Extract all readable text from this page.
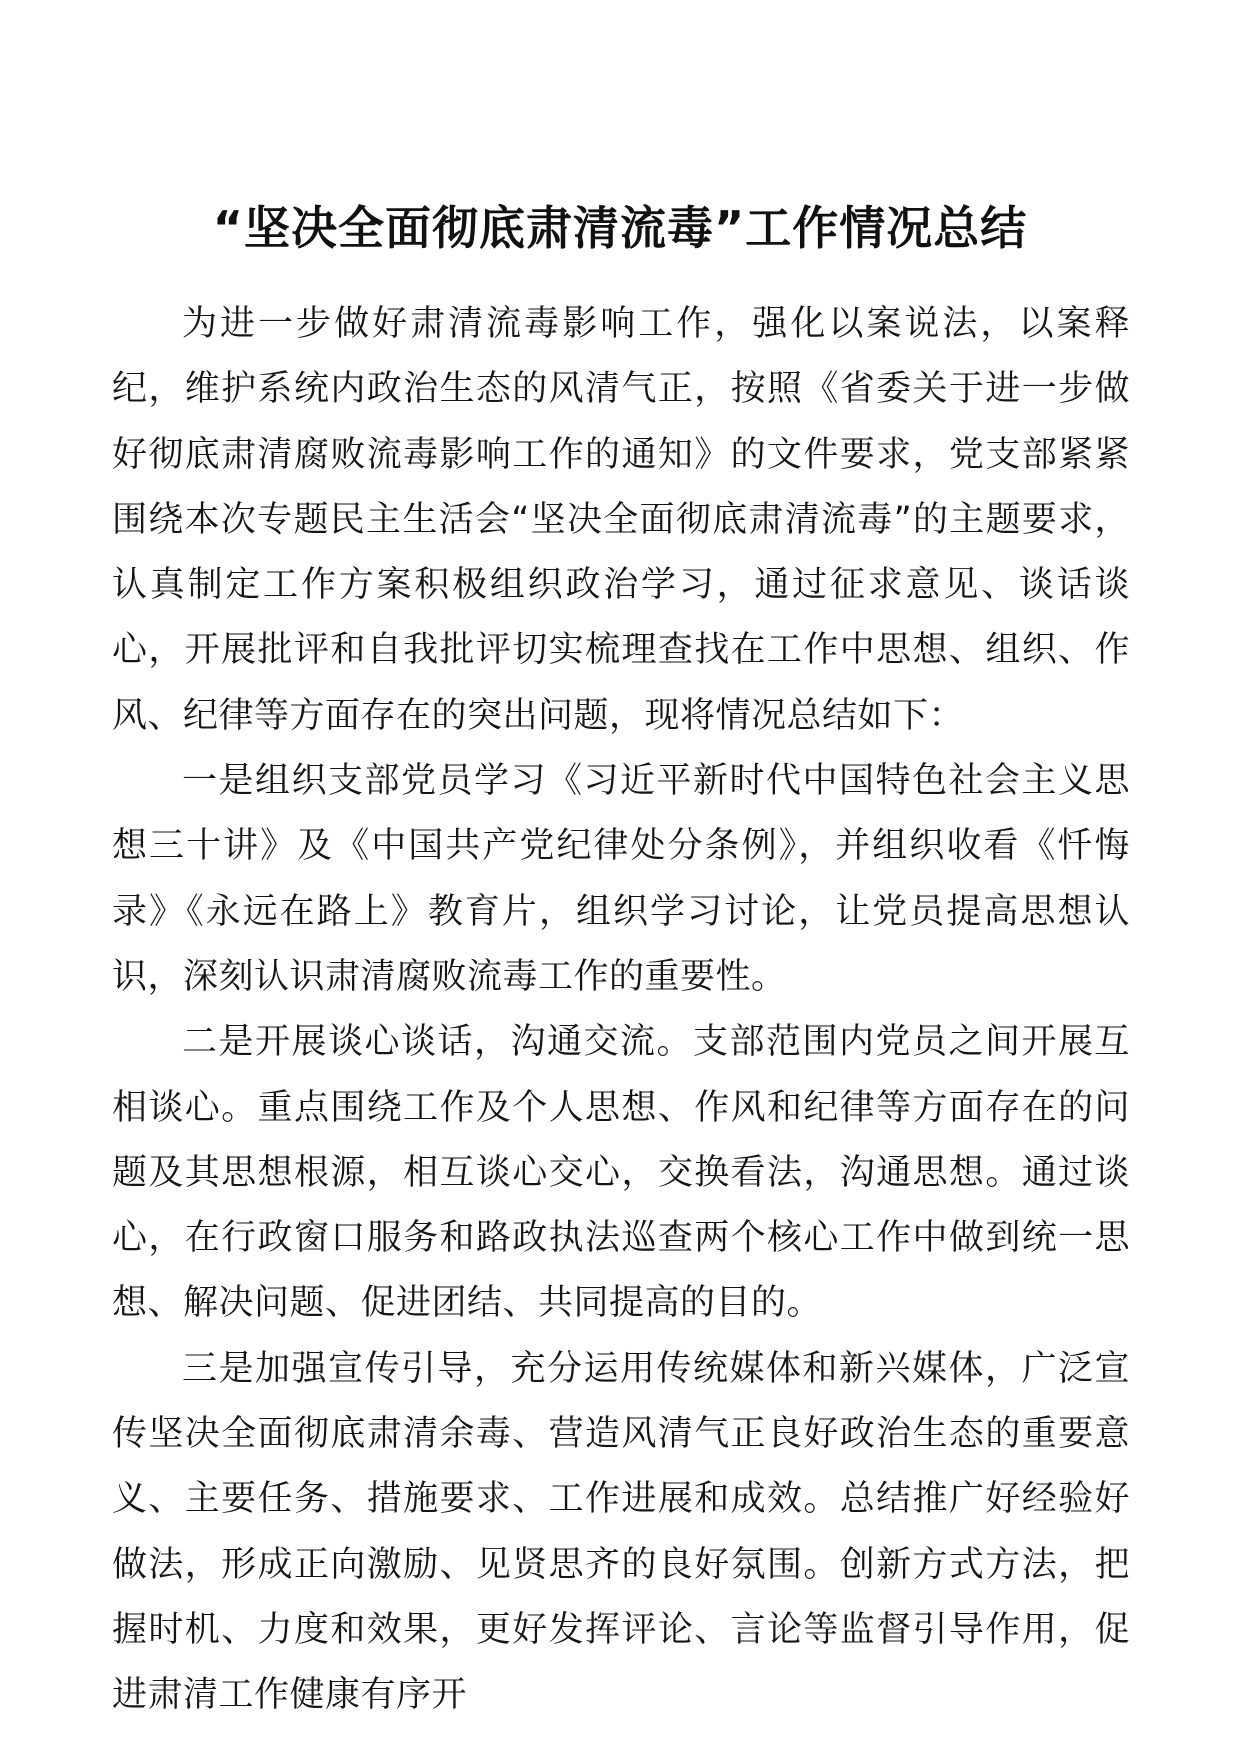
“坚决全面彻底肃清流毒”工作情况总结

为进一步做好肃清流毒影响工作，强化以案说法，以案释纪，维护系统内政治生态的风清气正，按照《省委关于进一步做好彻底肃清腐败流毒影响工作的通知》的文件要求，党支部紧紧围绕本次专题民主生活会“坚决全面彻底肃清流毒”的主题要求，认真制定工作方案积极组织政治学习，通过征求意见、谈话谈心，开展批评和自我批评切实梳理查找在工作中思想、组织、作风、纪律等方面存在的突出问题，现将情况总结如下：

一是组织支部党员学习《习近平新时代中国特色社会主义思想三十讲》及《中国共产党纪律处分条例》，并组织收看《忏悔录》《永远在路上》教育片，组织学习讨论，让党员提高思想认识，深刻认识肃清腐败流毒工作的重要性。

二是开展谈心谈话，沟通交流。支部范围内党员之间开展互相谈心。重点围绕工作及个人思想、作风和纪律等方面存在的问题及其思想根源，相互谈心交心，交换看法，沟通思想。通过谈心，在行政窗口服务和路政执法巡查两个核心工作中做到统一思想、解决问题、促进团结、共同提高的目的。

三是加强宣传引导，充分运用传统媒体和新兴媒体，广泛宣传坚决全面彻底肃清余毒、营造风清气正良好政治生态的重要意义、主要任务、措施要求、工作进展和成效。总结推广好经验好做法，形成正向激励、见贤思齐的良好氛围。创新方式方法，把握时机、力度和效果，更好发挥评论、言论等监督引导作用，促进肃清工作健康有序开
